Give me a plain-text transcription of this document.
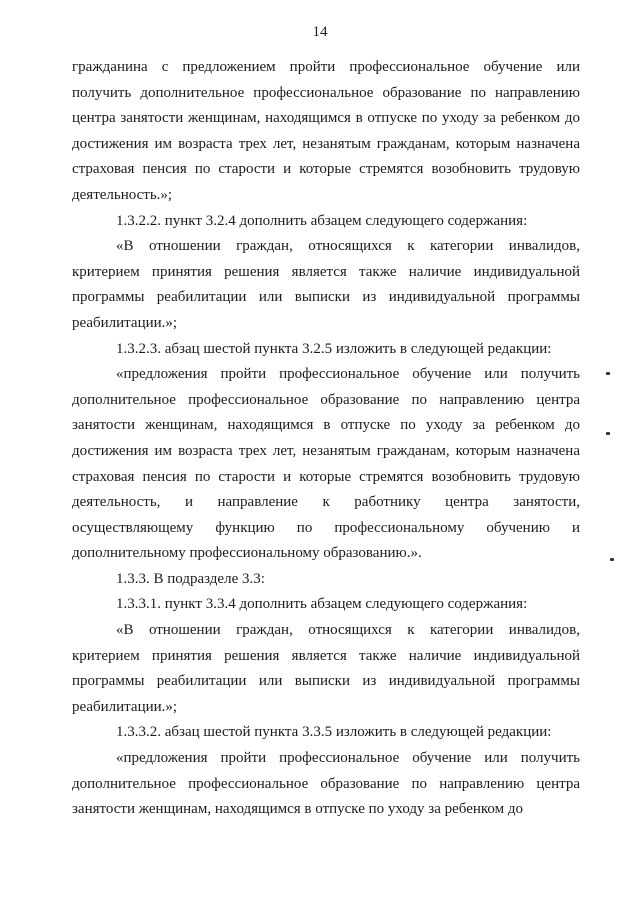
14

гражданина с предложением пройти профессиональное обучение или получить дополнительное профессиональное образование по направлению центра занятости женщинам, находящимся в отпуске по уходу за ребенком до достижения им возраста трех лет, незанятым гражданам, которым назначена страховая пенсия по старости и которые стремятся возобновить трудовую деятельность.»;

1.3.2.2. пункт 3.2.4 дополнить абзацем следующего содержания:

«В отношении граждан, относящихся к категории инвалидов, критерием принятия решения является также наличие индивидуальной программы реабилитации или выписки из индивидуальной программы реабилитации.»;

1.3.2.3. абзац шестой пункта 3.2.5 изложить в следующей редакции:

«предложения пройти профессиональное обучение или получить дополнительное профессиональное образование по направлению центра занятости женщинам, находящимся в отпуске по уходу за ребенком до достижения им возраста трех лет, незанятым гражданам, которым назначена страховая пенсия по старости и которые стремятся возобновить трудовую деятельность, и направление к работнику центра занятости, осуществляющему функцию по профессиональному обучению и дополнительному профессиональному образованию.».

1.3.3. В подразделе 3.3:

1.3.3.1. пункт 3.3.4 дополнить абзацем следующего содержания:

«В отношении граждан, относящихся к категории инвалидов, критерием принятия решения является также наличие индивидуальной программы реабилитации или выписки из индивидуальной программы реабилитации.»;

1.3.3.2. абзац шестой пункта 3.3.5 изложить в следующей редакции:

«предложения пройти профессиональное обучение или получить дополнительное профессиональное образование по направлению центра занятости женщинам, находящимся в отпуске по уходу за ребенком до
